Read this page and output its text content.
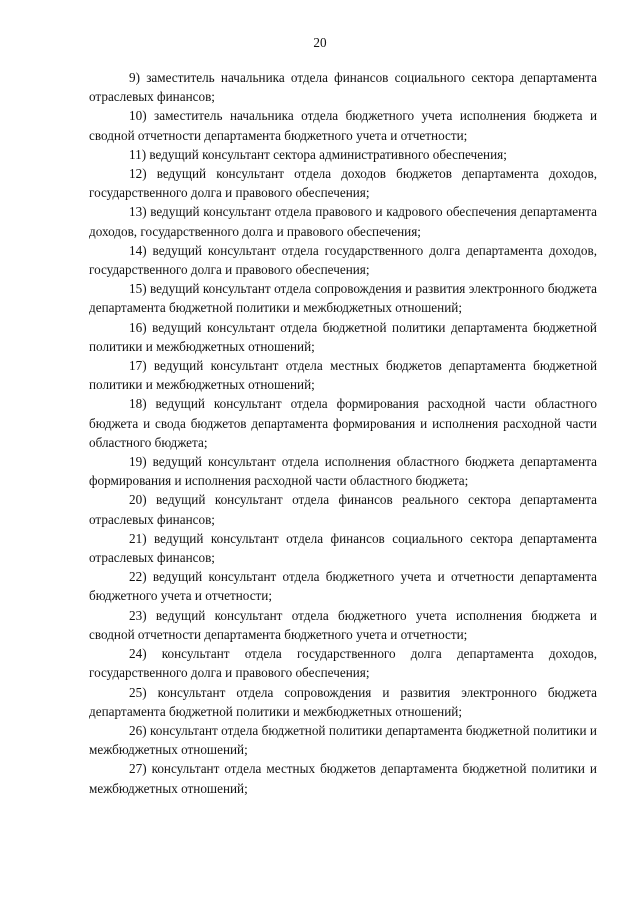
20

9) заместитель начальника отдела финансов социального сектора департамента отраслевых финансов;

10) заместитель начальника отдела бюджетного учета исполнения бюджета и сводной отчетности департамента бюджетного учета и отчетности;

11) ведущий консультант сектора административного обеспечения;

12) ведущий консультант отдела доходов бюджетов департамента доходов, государственного долга и правового обеспечения;

13) ведущий консультант отдела правового и кадрового обеспечения департамента доходов, государственного долга и правового обеспечения;

14) ведущий консультант отдела государственного долга департамента доходов, государственного долга и правового обеспечения;

15) ведущий консультант отдела сопровождения и развития электронного бюджета департамента бюджетной политики и межбюджетных отношений;

16) ведущий консультант отдела бюджетной политики департамента бюджетной политики и межбюджетных отношений;

17) ведущий консультант отдела местных бюджетов департамента бюджетной политики и межбюджетных отношений;

18) ведущий консультант отдела формирования расходной части областного бюджета и свода бюджетов департамента формирования и исполнения расходной части областного бюджета;

19) ведущий консультант отдела исполнения областного бюджета департамента формирования и исполнения расходной части областного бюджета;

20) ведущий консультант отдела финансов реального сектора департамента отраслевых финансов;

21) ведущий консультант отдела финансов социального сектора департамента отраслевых финансов;

22) ведущий консультант отдела бюджетного учета и отчетности департамента бюджетного учета и отчетности;

23) ведущий консультант отдела бюджетного учета исполнения бюджета и сводной отчетности департамента бюджетного учета и отчетности;

24) консультант отдела государственного долга департамента доходов, государственного долга и правового обеспечения;

25) консультант отдела сопровождения и развития электронного бюджета департамента бюджетной политики и межбюджетных отношений;

26) консультант отдела бюджетной политики департамента бюджетной политики и межбюджетных отношений;

27) консультант отдела местных бюджетов департамента бюджетной политики и межбюджетных отношений;
